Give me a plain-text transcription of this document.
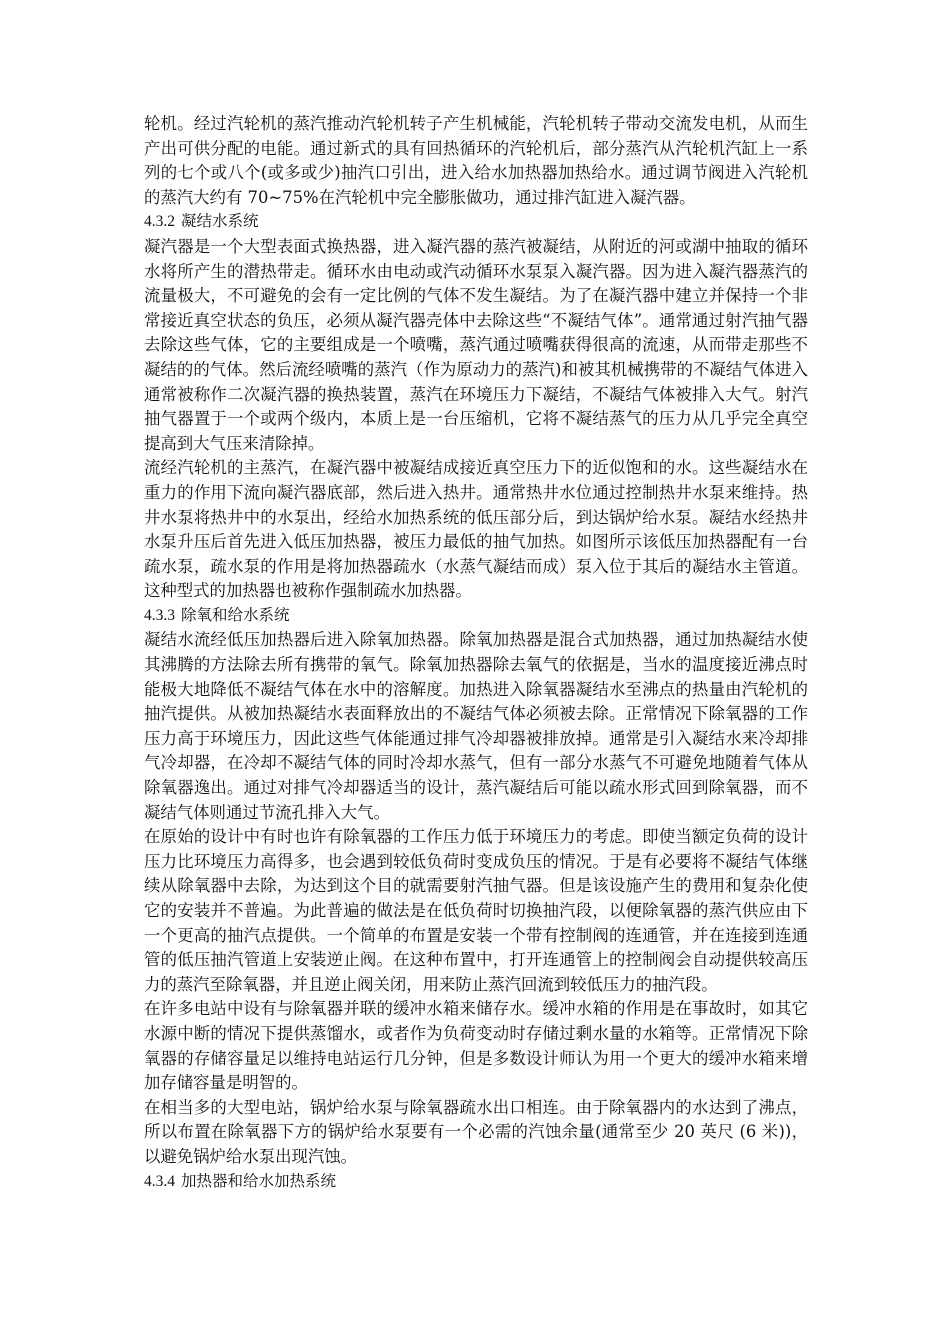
轮机。经过汽轮机的蒸汽推动汽轮机转子产生机械能，汽轮机转子带动交流发电机，从而生产出可供分配的电能。通过新式的具有回热循环的汽轮机后，部分蒸汽从汽轮机汽缸上一系列的七个或八个(或多或少)抽汽口引出，进入给水加热器加热给水。通过调节阀进入汽轮机的蒸汽大约有 70~75%在汽轮机中完全膨胀做功，通过排汽缸进入凝汽器。

4.3.2 凝结水系统

凝汽器是一个大型表面式换热器，进入凝汽器的蒸汽被凝结，从附近的河或湖中抽取的循环水将所产生的潜热带走。循环水由电动或汽动循环水泵泵入凝汽器。因为进入凝汽器蒸汽的流量极大，不可避免的会有一定比例的气体不发生凝结。为了在凝汽器中建立并保持一个非常接近真空状态的负压，必须从凝汽器壳体中去除这些“不凝结气体”。通常通过射汽抽气器去除这些气体，它的主要组成是一个喷嘴，蒸汽通过喷嘴获得很高的流速，从而带走那些不凝结的的气体。然后流经喷嘴的蒸汽（作为原动力的蒸汽)和被其机械携带的不凝结气体进入通常被称作二次凝汽器的换热装置，蒸汽在环境压力下凝结，不凝结气体被排入大气。射汽抽气器置于一个或两个级内，本质上是一台压缩机，它将不凝结蒸气的压力从几乎完全真空提高到大气压来清除掉。

流经汽轮机的主蒸汽，在凝汽器中被凝结成接近真空压力下的近似饱和的水。这些凝结水在重力的作用下流向凝汽器底部，然后进入热井。通常热井水位通过控制热井水泵来维持。热井水泵将热井中的水泵出，经给水加热系统的低压部分后，到达锅炉给水泵。凝结水经热井水泵升压后首先进入低压加热器，被压力最低的抽气加热。如图所示该低压加热器配有一台疏水泵，疏水泵的作用是将加热器疏水（水蒸气凝结而成）泵入位于其后的凝结水主管道。这种型式的加热器也被称作强制疏水加热器。

4.3.3 除氧和给水系统

凝结水流经低压加热器后进入除氧加热器。除氧加热器是混合式加热器，通过加热凝结水使其沸腾的方法除去所有携带的氧气。除氧加热器除去氧气的依据是，当水的温度接近沸点时能极大地降低不凝结气体在水中的溶解度。加热进入除氧器凝结水至沸点的热量由汽轮机的抽汽提供。从被加热凝结水表面释放出的不凝结气体必须被去除。正常情况下除氧器的工作压力高于环境压力，因此这些气体能通过排气冷却器被排放掉。通常是引入凝结水来冷却排气冷却器，在冷却不凝结气体的同时冷却水蒸气，但有一部分水蒸气不可避免地随着气体从除氧器逸出。通过对排气冷却器适当的设计，蒸汽凝结后可能以疏水形式回到除氧器，而不凝结气体则通过节流孔排入大气。

在原始的设计中有时也许有除氧器的工作压力低于环境压力的考虑。即使当额定负荷的设计压力比环境压力高得多，也会遇到较低负荷时变成负压的情况。于是有必要将不凝结气体继续从除氧器中去除，为达到这个目的就需要射汽抽气器。但是该设施产生的费用和复杂化使它的安装并不普遍。为此普遍的做法是在低负荷时切换抽汽段，以便除氧器的蒸汽供应由下一个更高的抽汽点提供。一个简单的布置是安装一个带有控制阀的连通管，并在连接到连通管的低压抽汽管道上安装逆止阀。在这种布置中，打开连通管上的控制阀会自动提供较高压力的蒸汽至除氧器，并且逆止阀关闭，用来防止蒸汽回流到较低压力的抽汽段。

在许多电站中设有与除氧器并联的缓冲水箱来储存水。缓冲水箱的作用是在事故时，如其它水源中断的情况下提供蒸馏水，或者作为负荷变动时存储过剩水量的水箱等。正常情况下除氧器的存储容量足以维持电站运行几分钟，但是多数设计师认为用一个更大的缓冲水箱来增加存储容量是明智的。

在相当多的大型电站，锅炉给水泵与除氧器疏水出口相连。由于除氧器内的水达到了沸点，所以布置在除氧器下方的锅炉给水泵要有一个必需的汽蚀余量(通常至少 20 英尺 (6 米))，以避免锅炉给水泵出现汽蚀。

4.3.4 加热器和给水加热系统
